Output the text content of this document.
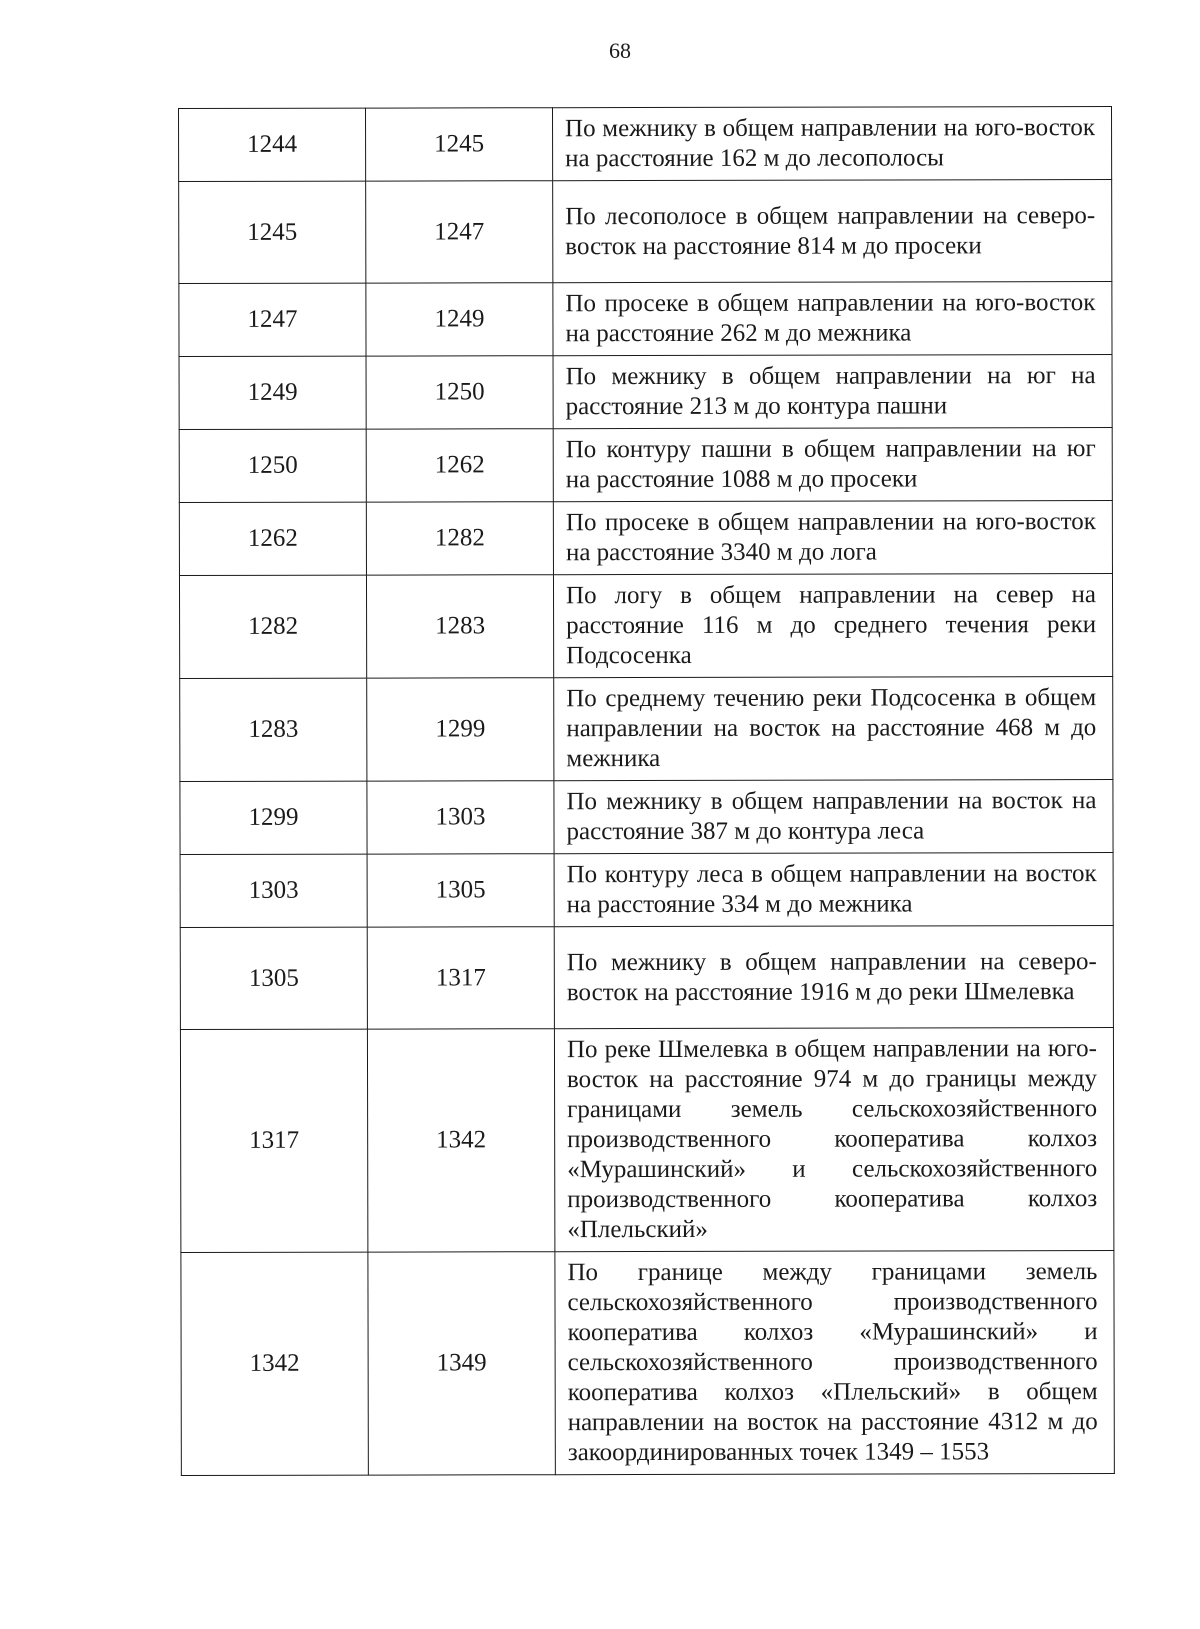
68
1244	1245	По межнику в общем направлении на юго-восток на расстояние 162 м до лесополосы
1245	1247	По лесополосе в общем направлении на северо-восток на расстояние 814 м до просеки
1247	1249	По просеке в общем направлении на юго-восток на расстояние 262 м до межника
1249	1250	По межнику в общем направлении на юг на расстояние 213 м до контура пашни
1250	1262	По контуру пашни в общем направлении на юг на расстояние 1088 м до просеки
1262	1282	По просеке в общем направлении на юго-восток на расстояние 3340 м до лога
1282	1283	По логу в общем направлении на север на расстояние 116 м до среднего течения реки Подсосенка
1283	1299	По среднему течению реки Подсосенка в общем направлении на восток на расстояние 468 м до межника
1299	1303	По межнику в общем направлении на восток на расстояние 387 м до контура леса
1303	1305	По контуру леса в общем направлении на восток на расстояние 334 м до межника
1305	1317	По межнику в общем направлении на северо-восток на расстояние 1916 м до реки Шмелевка
1317	1342	По реке Шмелевка в общем направлении на юго-восток на расстояние 974 м до границы между границами земель сельскохозяйственного производственного кооператива колхоз «Мурашинский» и сельскохозяйственного производственного кооператива колхоз «Плельский»
1342	1349	По границе между границами земель сельскохозяйственного производственного кооператива колхоз «Мурашинский» и сельскохозяйственного производственного кооператива колхоз «Плельский» в общем направлении на восток на расстояние 4312 м до закоординированных точек 1349 – 1553
